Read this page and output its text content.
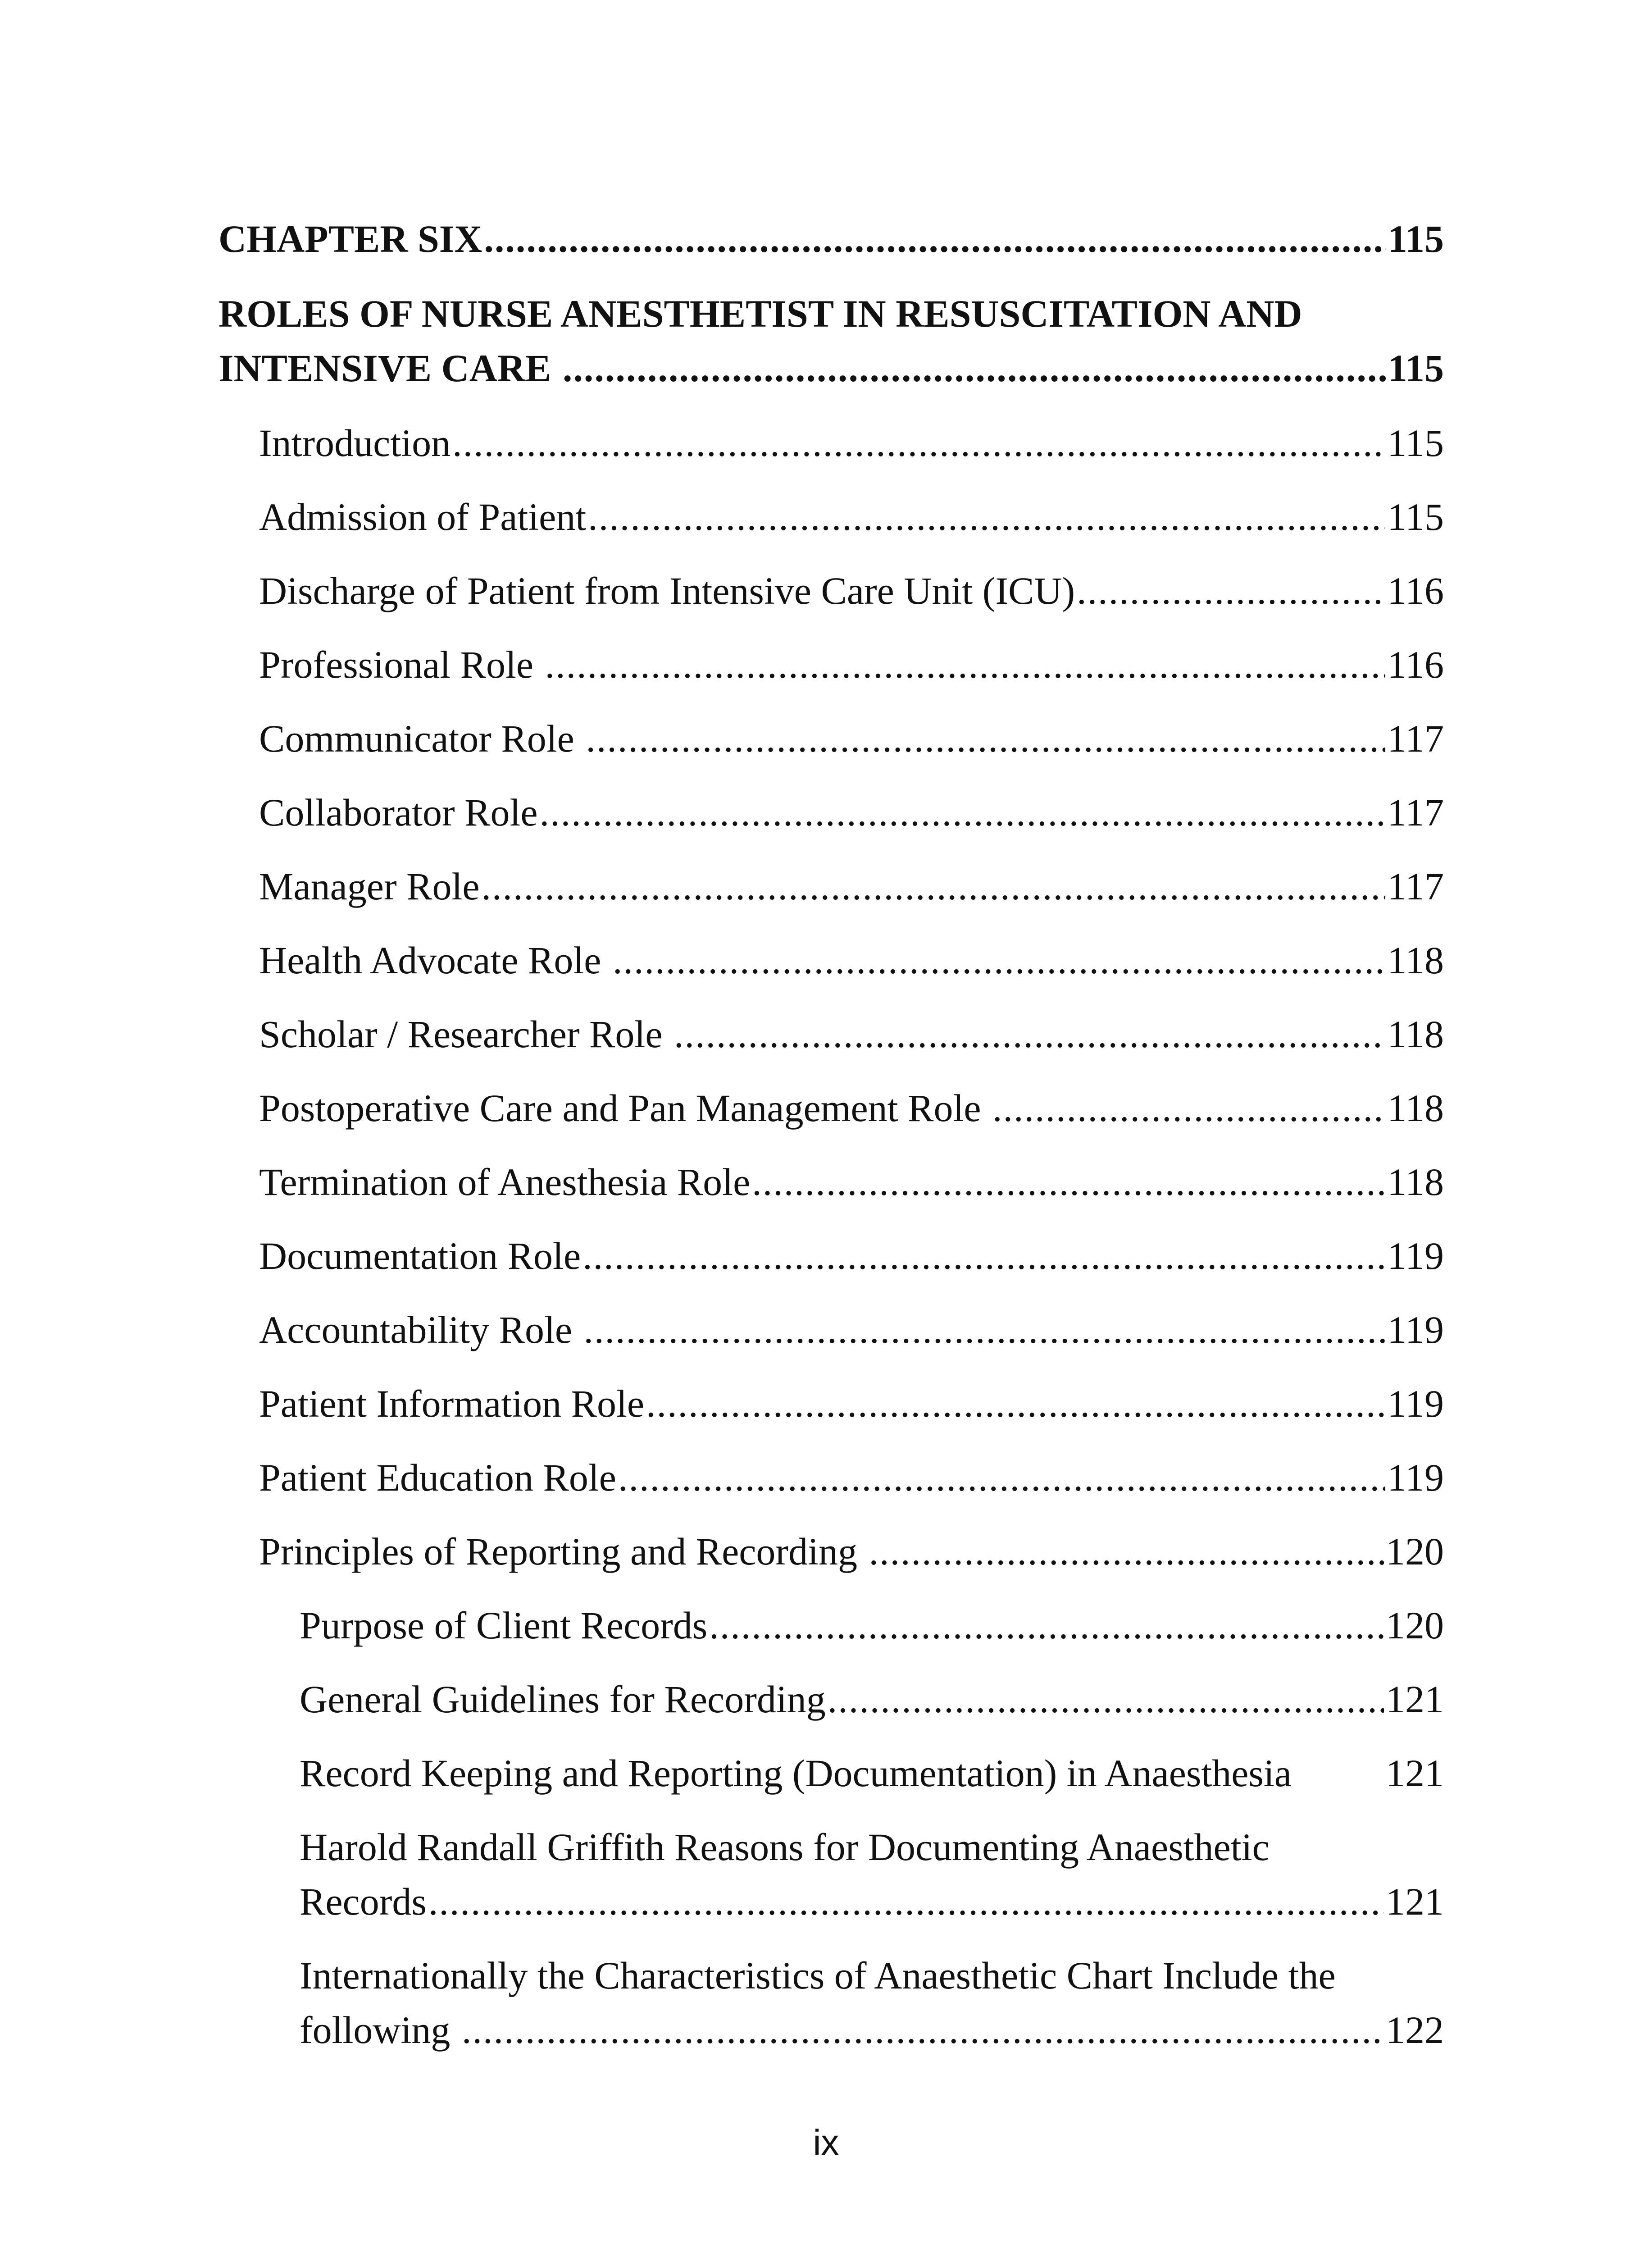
CHAPTER SIX .....	115
ROLES OF NURSE ANESTHETIST IN RESUSCITATION AND
INTENSIVE CARE .....	115
Introduction .....	115
Admission of Patient .....	115
Discharge of Patient from Intensive Care Unit (ICU) .....	116
Professional Role .....	116
Communicator Role .....	117
Collaborator Role .....	117
Manager Role .....	117
Health Advocate Role .....	118
Scholar / Researcher Role .....	118
Postoperative Care and Pan Management Role .....	118
Termination of Anesthesia Role .....	118
Documentation Role .....	119
Accountability Role .....	119
Patient Information Role .....	119
Patient Education Role .....	119
Principles of Reporting and Recording .....	120
Purpose of Client Records .....	120
General Guidelines for Recording .....	121
Record Keeping and Reporting (Documentation) in Anaesthesia 121
Harold Randall Griffith Reasons for Documenting Anaesthetic
Records .....	121
Internationally the Characteristics of Anaesthetic Chart Include the
following .....	122
ix
